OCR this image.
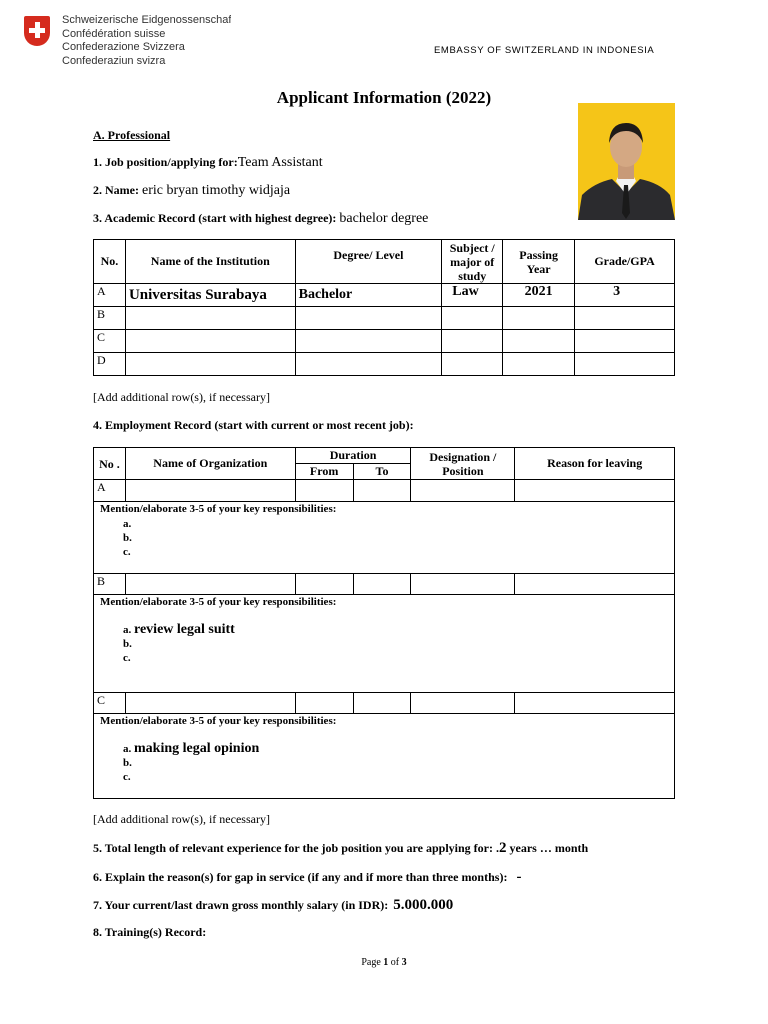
Schweizerische Eidgenossenschaf
Confédération suisse
Confederazione Svizzera
Confederaziun svizra
EMBASSY OF SWITZERLAND IN INDONESIA
Applicant Information (2022)
A. Professional
1. Job position/applying for:Team Assistant
2. Name: eric bryan timothy widjaja
3. Academic Record (start with highest degree): bachelor degree
No.	Name of the Institution	Degree/ Level	Subject / major of study	Passing Year	Grade/GPA
A	Universitas Surabaya	Bachelor	Law	2021	3
B					
C					
D					
[Add additional row(s), if necessary]
4. Employment Record (start with current or most recent job):
No .	Name of Organization	Duration		Designation / Position	Reason for leaving
		From	To		
A					

Mention/elaborate 3-5 of your key responsibilities:
a.
b.
c.					

B					

Mention/elaborate 3-5 of your key responsibilities:
a. review legal suitt
b.
c.					

C					

Mention/elaborate 3-5 of your key responsibilities:
a. making legal opinion
b.
c.					
[Add additional row(s), if necessary]
5. Total length of relevant experience for the job position you are applying for: .2 years … month
6. Explain the reason(s) for gap in service (if any and if more than three months): -
7. Your current/last drawn gross monthly salary (in IDR): 5.000.000
8. Training(s) Record:
Page 1 of 3
